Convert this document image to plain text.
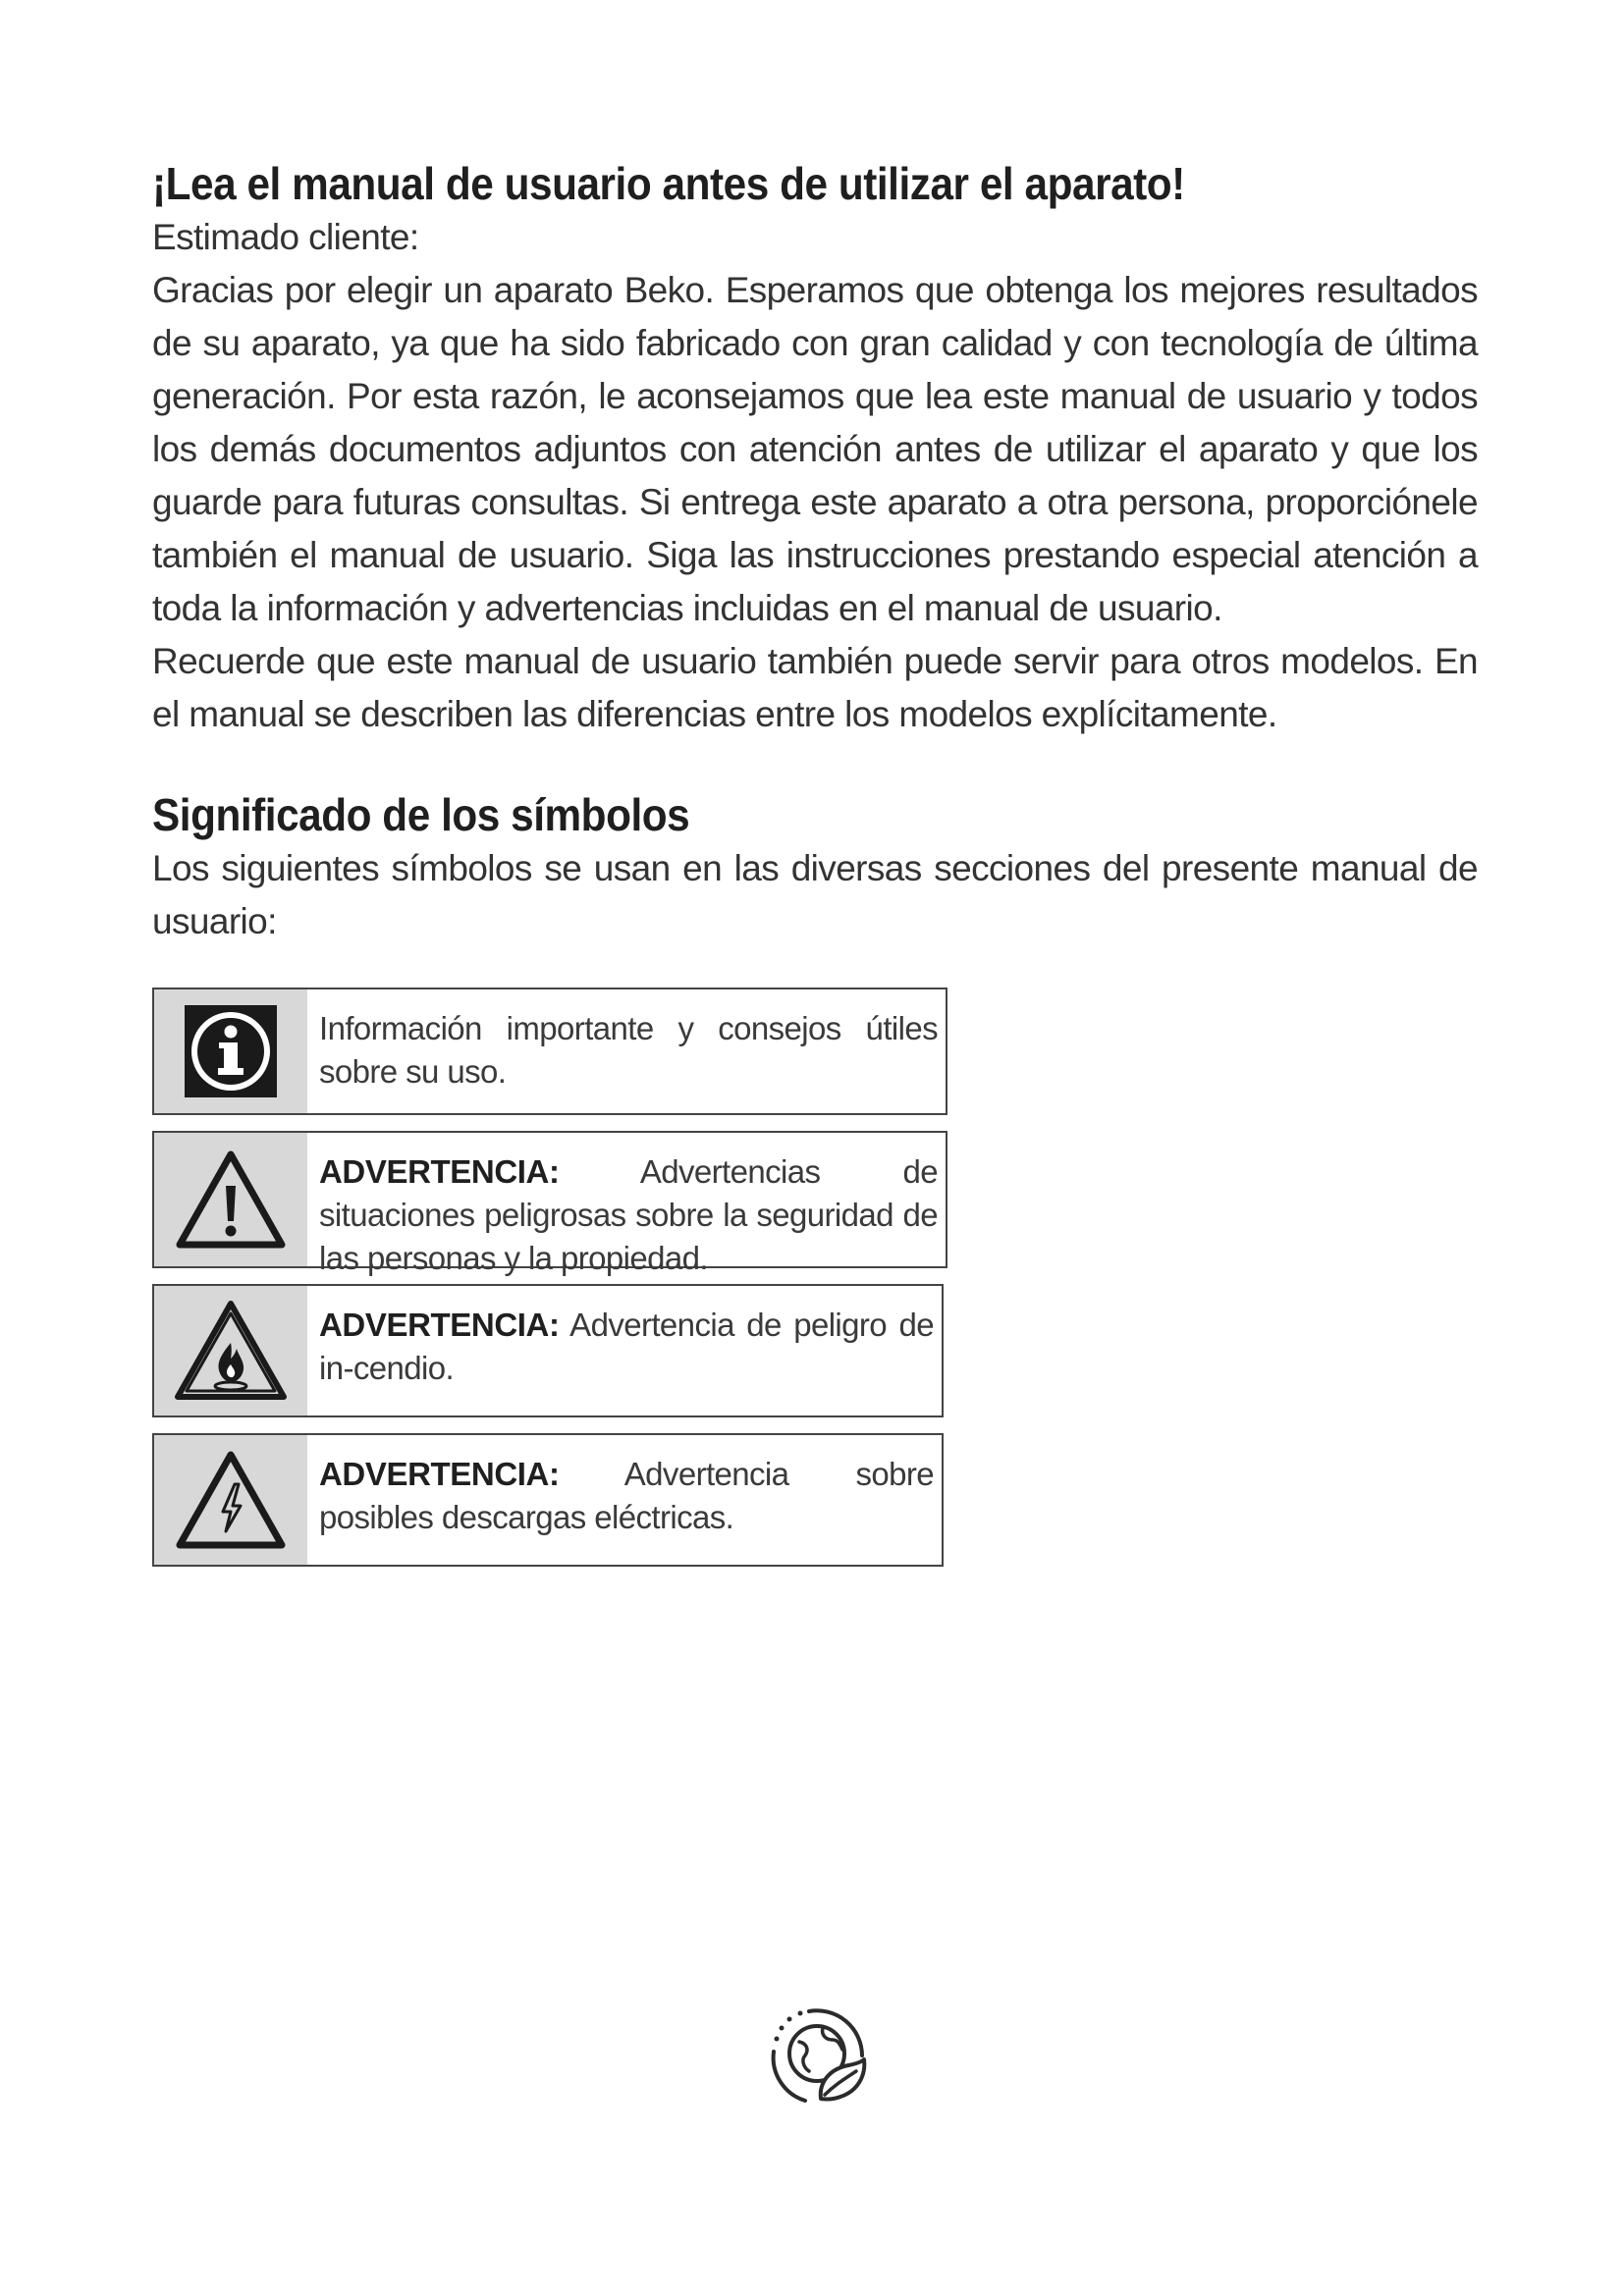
¡Lea el manual de usuario antes de utilizar el aparato!

Estimado cliente:

Gracias por elegir un aparato Beko. Esperamos que obtenga los mejores resultados de su aparato, ya que ha sido fabricado con gran calidad y con tecnología de última generación. Por esta razón, le aconsejamos que lea este manual de usuario y todos los demás documentos adjuntos con atención antes de utilizar el aparato y que los guarde para futuras consultas. Si entrega este aparato a otra persona, proporciónele también el manual de usuario. Siga las instrucciones prestando especial atención a toda la información y advertencias incluidas en el manual de usuario.

Recuerde que este manual de usuario también puede servir para otros modelos. En el manual se describen las diferencias entre los modelos explícitamente.

Significado de los símbolos

Los siguientes símbolos se usan en las diversas secciones del presente manual de usuario:

Información importante y consejos útiles sobre su uso.
ADVERTENCIA: Advertencias de situaciones peligrosas sobre la seguridad de las personas y la propiedad.
ADVERTENCIA: Advertencia de peligro de in-cendio.
ADVERTENCIA: Advertencia sobre posibles descargas eléctricas.
